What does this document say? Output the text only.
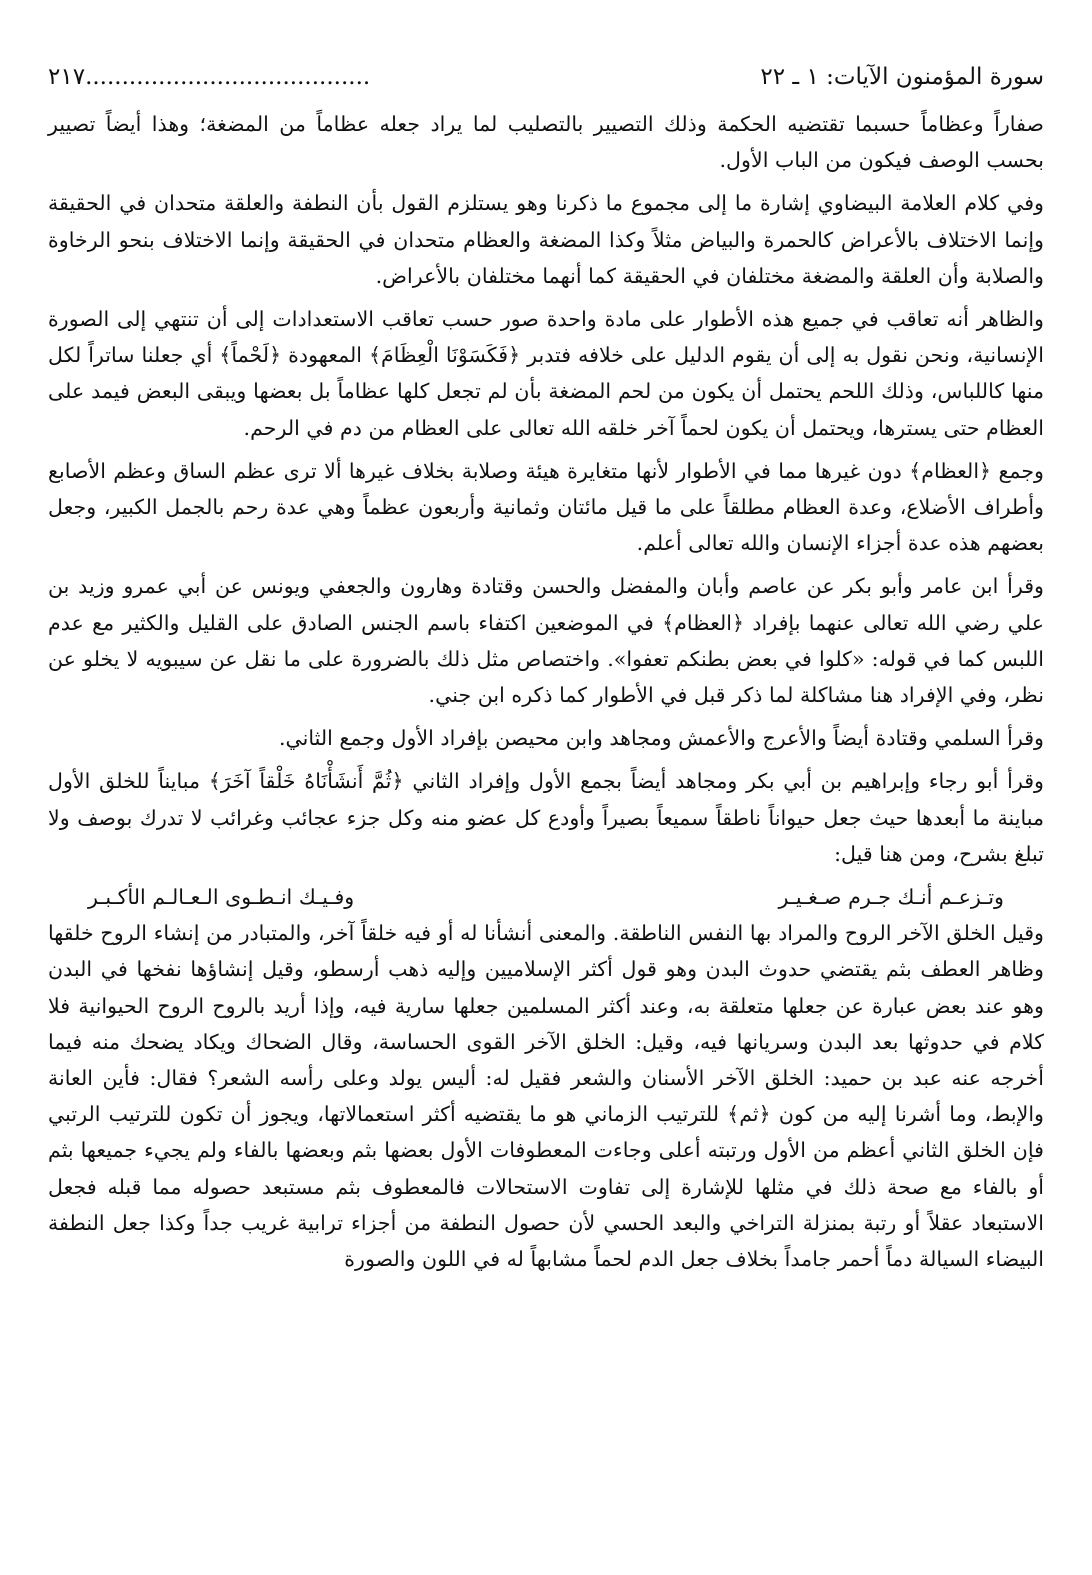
سورة المؤمنون الآيات: ١ ـ ٢٢
٢١٧.......................................

صفاراً وعظاماً حسبما تقتضيه الحكمة وذلك التصيير بالتصليب لما يراد جعله عظاماً من المضغة؛ وهذا أيضاً تصيير بحسب الوصف فيكون من الباب الأول.

وفي كلام العلامة البيضاوي إشارة ما إلى مجموع ما ذكرنا وهو يستلزم القول بأن النطفة والعلقة متحدان في الحقيقة وإنما الاختلاف بالأعراض كالحمرة والبياض مثلاً وكذا المضغة والعظام متحدان في الحقيقة وإنما الاختلاف بنحو الرخاوة والصلابة وأن العلقة والمضغة مختلفان في الحقيقة كما أنهما مختلفان بالأعراض.

والظاهر أنه تعاقب في جميع هذه الأطوار على مادة واحدة صور حسب تعاقب الاستعدادات إلى أن تنتهي إلى الصورة الإنسانية، ونحن نقول به إلى أن يقوم الدليل على خلافه فتدبر ﴿فَكَسَوْنَا الْعِظَامَ﴾ المعهودة ﴿لَحْماً﴾ أي جعلنا ساتراً لكل منها كاللباس، وذلك اللحم يحتمل أن يكون من لحم المضغة بأن لم تجعل كلها عظاماً بل بعضها ويبقى البعض فيمد على العظام حتى يسترها، ويحتمل أن يكون لحماً آخر خلقه الله تعالى على العظام من دم في الرحم.

وجمع ﴿العظام﴾ دون غيرها مما في الأطوار لأنها متغايرة هيئة وصلابة بخلاف غيرها ألا ترى عظم الساق وعظم الأصابع وأطراف الأضلاع، وعدة العظام مطلقاً على ما قيل مائتان وثمانية وأربعون عظماً وهي عدة رحم بالجمل الكبير، وجعل بعضهم هذه عدة أجزاء الإنسان والله تعالى أعلم.

وقرأ ابن عامر وأبو بكر عن عاصم وأبان والمفضل والحسن وقتادة وهارون والجعفي ويونس عن أبي عمرو وزيد بن علي رضي الله تعالى عنهما بإفراد ﴿العظام﴾ في الموضعين اكتفاء باسم الجنس الصادق على القليل والكثير مع عدم اللبس كما في قوله: «كلوا في بعض بطنكم تعفوا». واختصاص مثل ذلك بالضرورة على ما نقل عن سيبويه لا يخلو عن نظر، وفي الإفراد هنا مشاكلة لما ذكر قبل في الأطوار كما ذكره ابن جني.

وقرأ السلمي وقتادة أيضاً والأعرج والأعمش ومجاهد وابن محيصن بإفراد الأول وجمع الثاني.

وقرأ أبو رجاء وإبراهيم بن أبي بكر ومجاهد أيضاً بجمع الأول وإفراد الثاني ﴿ثُمَّ أَنشَأْنَاهُ خَلْقاً آخَرَ﴾ مبايناً للخلق الأول مباينة ما أبعدها حيث جعل حيواناً ناطقاً سميعاً بصيراً وأودع كل عضو منه وكل جزء عجائب وغرائب لا تدرك بوصف ولا تبلغ بشرح، ومن هنا قيل:

وتـزعـم أنـك جـرم صـغـيـر
وفـيـك انـطـوى الـعـالـم الأكـبـر

وقيل الخلق الآخر الروح والمراد بها النفس الناطقة. والمعنى أنشأنا له أو فيه خلقاً آخر، والمتبادر من إنشاء الروح خلقها وظاهر العطف بثم يقتضي حدوث البدن وهو قول أكثر الإسلاميين وإليه ذهب أرسطو، وقيل إنشاؤها نفخها في البدن وهو عند بعض عبارة عن جعلها متعلقة به، وعند أكثر المسلمين جعلها سارية فيه، وإذا أريد بالروح الروح الحيوانية فلا كلام في حدوثها بعد البدن وسريانها فيه، وقيل: الخلق الآخر القوى الحساسة، وقال الضحاك ويكاد يضحك منه فيما أخرجه عنه عبد بن حميد: الخلق الآخر الأسنان والشعر فقيل له: أليس يولد وعلى رأسه الشعر؟ فقال: فأين العانة والإبط، وما أشرنا إليه من كون ﴿ثم﴾ للترتيب الزماني هو ما يقتضيه أكثر استعمالاتها، ويجوز أن تكون للترتيب الرتبي فإن الخلق الثاني أعظم من الأول ورتبته أعلى وجاءت المعطوفات الأول بعضها بثم وبعضها بالفاء ولم يجيء جميعها بثم أو بالفاء مع صحة ذلك في مثلها للإشارة إلى تفاوت الاستحالات فالمعطوف بثم مستبعد حصوله مما قبله فجعل الاستبعاد عقلاً أو رتبة بمنزلة التراخي والبعد الحسي لأن حصول النطفة من أجزاء ترابية غريب جداً وكذا جعل النطفة البيضاء السيالة دماً أحمر جامداً بخلاف جعل الدم لحماً مشابهاً له في اللون والصورة
